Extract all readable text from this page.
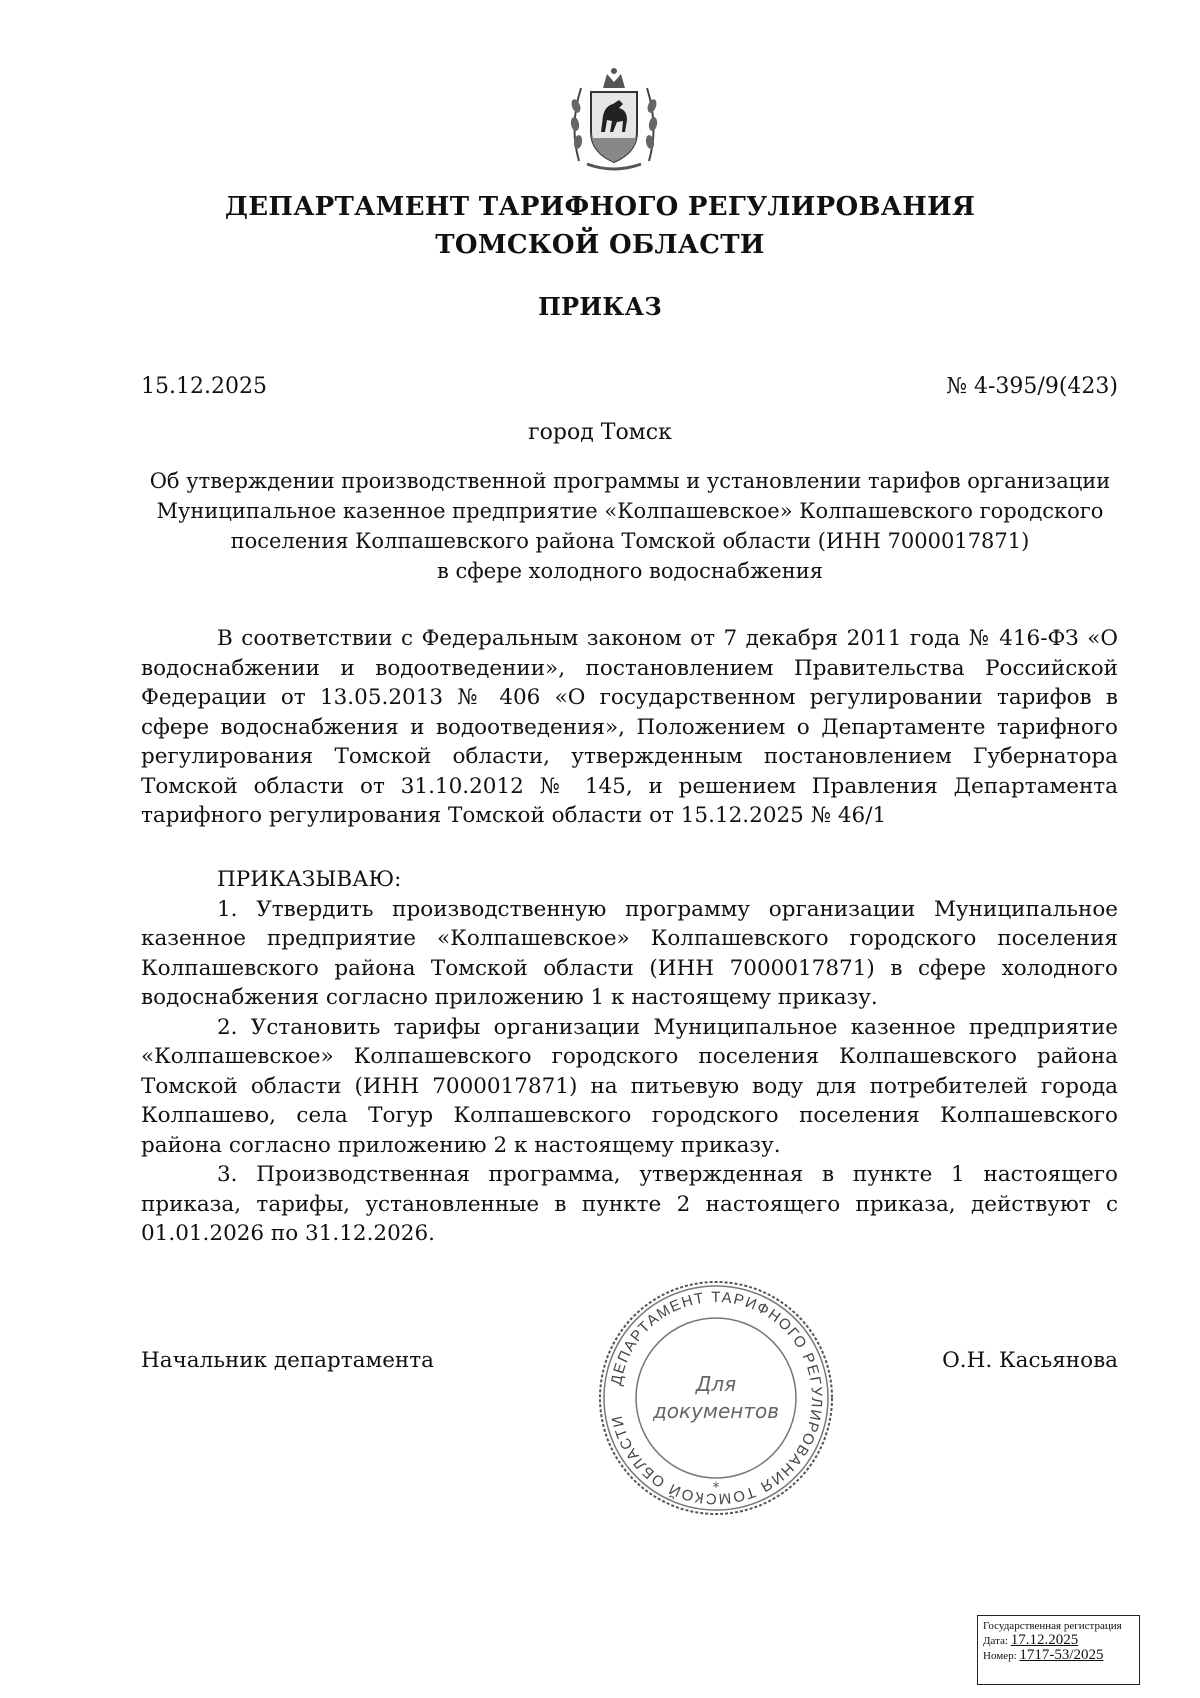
ДЕПАРТАМЕНТ ТАРИФНОГО РЕГУЛИРОВАНИЯ
ТОМСКОЙ ОБЛАСТИ
ПРИКАЗ
15.12.2025	№ 4-395/9(423)
город Томск

Об утверждении производственной программы и установлении тарифов организации

Муниципальное казенное предприятие «Колпашевское» Колпашевского городского

поселения Колпашевского района Томской области (ИНН 7000017871)

в сфере холодного водоснабжения

В соответствии с Федеральным законом от 7 декабря 2011 года № 416-ФЗ «О водоснабжении и водоотведении», постановлением Правительства Российской Федерации от 13.05.2013 № 406 «О государственном регулировании тарифов в сфере водоснабжения и водоотведения», Положением о Департаменте тарифного регулирования Томской области, утвержденным постановлением Губернатора Томской области от 31.10.2012 № 145, и решением Правления Департамента тарифного регулирования Томской области от 15.12.2025 № 46/1

ПРИКАЗЫВАЮ:

1. Утвердить производственную программу организации Муниципальное казенное предприятие «Колпашевское» Колпашевского городского поселения Колпашевского района Томской области (ИНН 7000017871) в сфере холодного водоснабжения согласно приложению 1 к настоящему приказу.

2. Установить тарифы организации Муниципальное казенное предприятие «Колпашевское» Колпашевского городского поселения Колпашевского района Томской области (ИНН 7000017871) на питьевую воду для потребителей города Колпашево, села Тогур Колпашевского городского поселения Колпашевского района согласно приложению 2 к настоящему приказу.

3. Производственная программа, утвержденная в пункте 1 настоящего приказа, тарифы, установленные в пункте 2 настоящего приказа, действуют с 01.01.2026 по 31.12.2026.

Начальник департамента	О.Н. Касьянова
ДЕПАРТАМЕНТ ТАРИФНОГО РЕГУЛИРОВАНИЯ ТОМСКОЙ ОБЛАСТИ
Для
документов
*
Государственная регистрация
Дата: 17.12.2025
Номер: 1717-53/2025
